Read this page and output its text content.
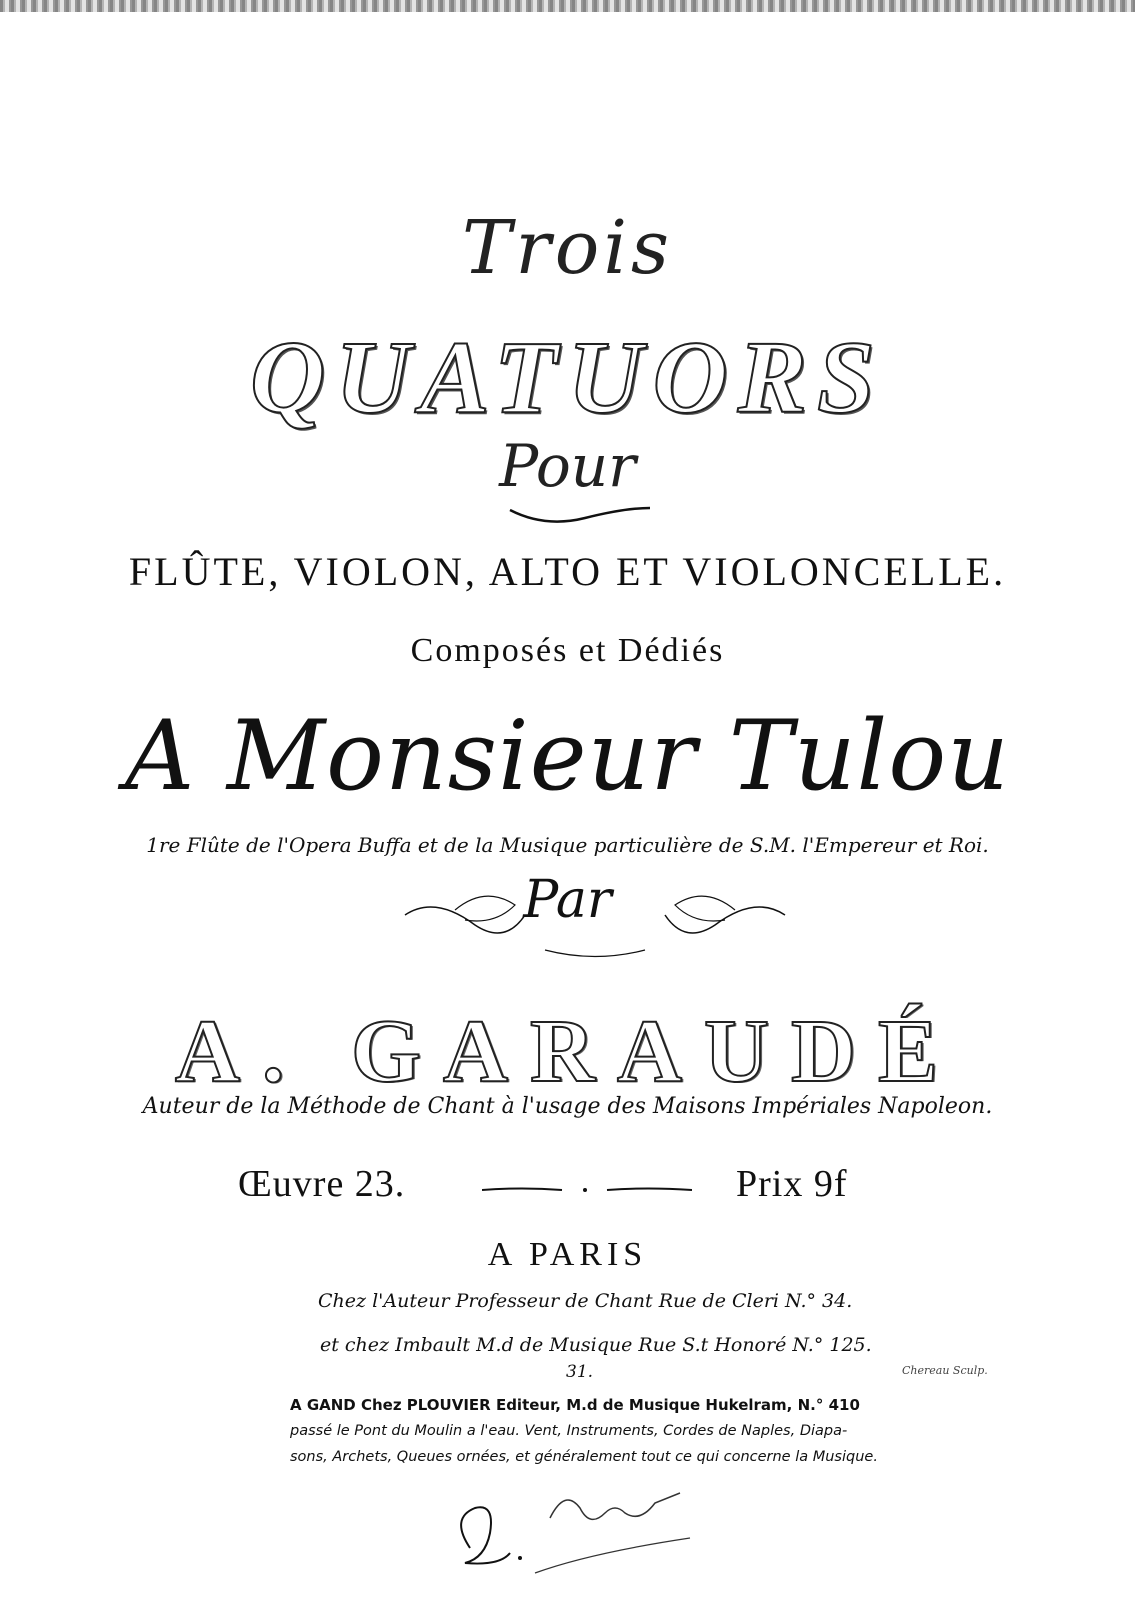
Trois
QUATUORS
Pour
FLÛTE, VIOLON, ALTO ET VIOLONCELLE.
Composés et Dédiés
A Monsieur Tulou
1re Flûte de l'Opera Buffa et de la Musique particulière de S.M. l'Empereur et Roi.
Par
A. GARAUDÉ
Auteur de la Méthode de Chant à l'usage des Maisons Impériales Napoleon.
Œuvre 23.	Prix 9f
A PARIS
Chez l'Auteur Professeur de Chant Rue de Cleri N.° 34.
et chez Imbault M.d de Musique Rue S.t Honoré N.° 125.
31.	Chereau Sculp.
A GAND Chez PLOUVIER Editeur, M.d de Musique Hukelram, N.° 410
passé le Pont du Moulin a l'eau. Vent, Instruments, Cordes de Naples, Diapa-
sons, Archets, Queues ornées, et généralement tout ce qui concerne la Musique.
